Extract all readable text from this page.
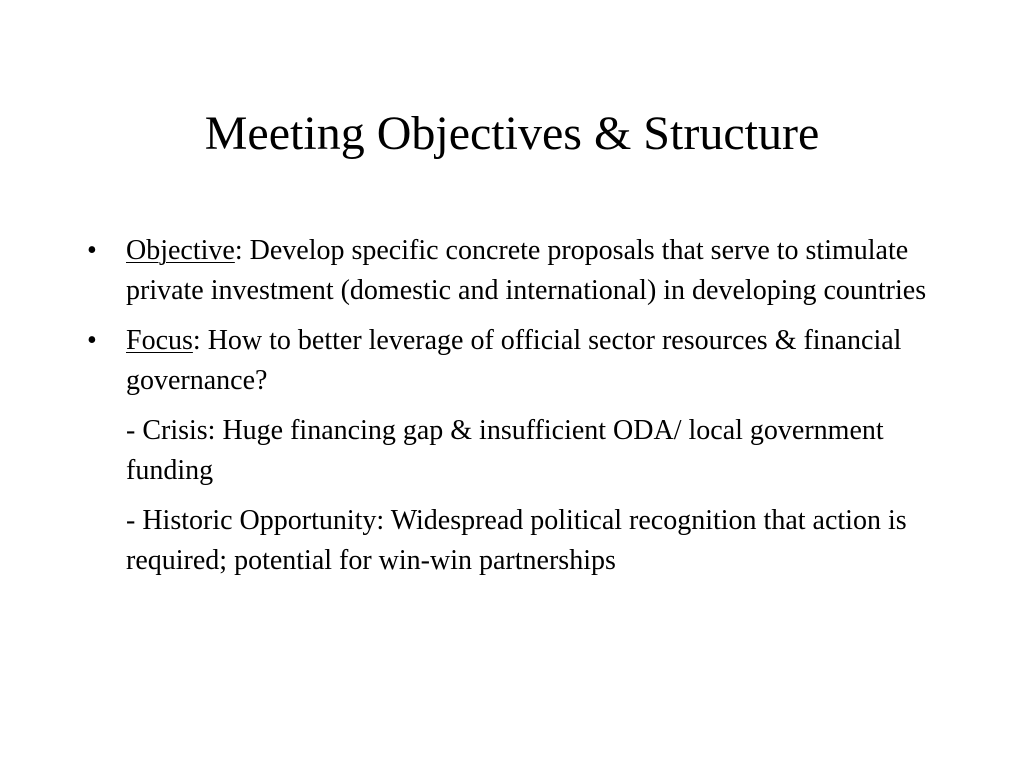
Meeting Objectives & Structure
• Objective: Develop specific concrete proposals that serve to stimulate private investment (domestic and international) in developing countries
• Focus: How to better leverage of official sector resources & financial governance?
- Crisis: Huge financing gap & insufficient ODA/ local government funding
- Historic Opportunity: Widespread political recognition that action is required; potential for win-win partnerships
